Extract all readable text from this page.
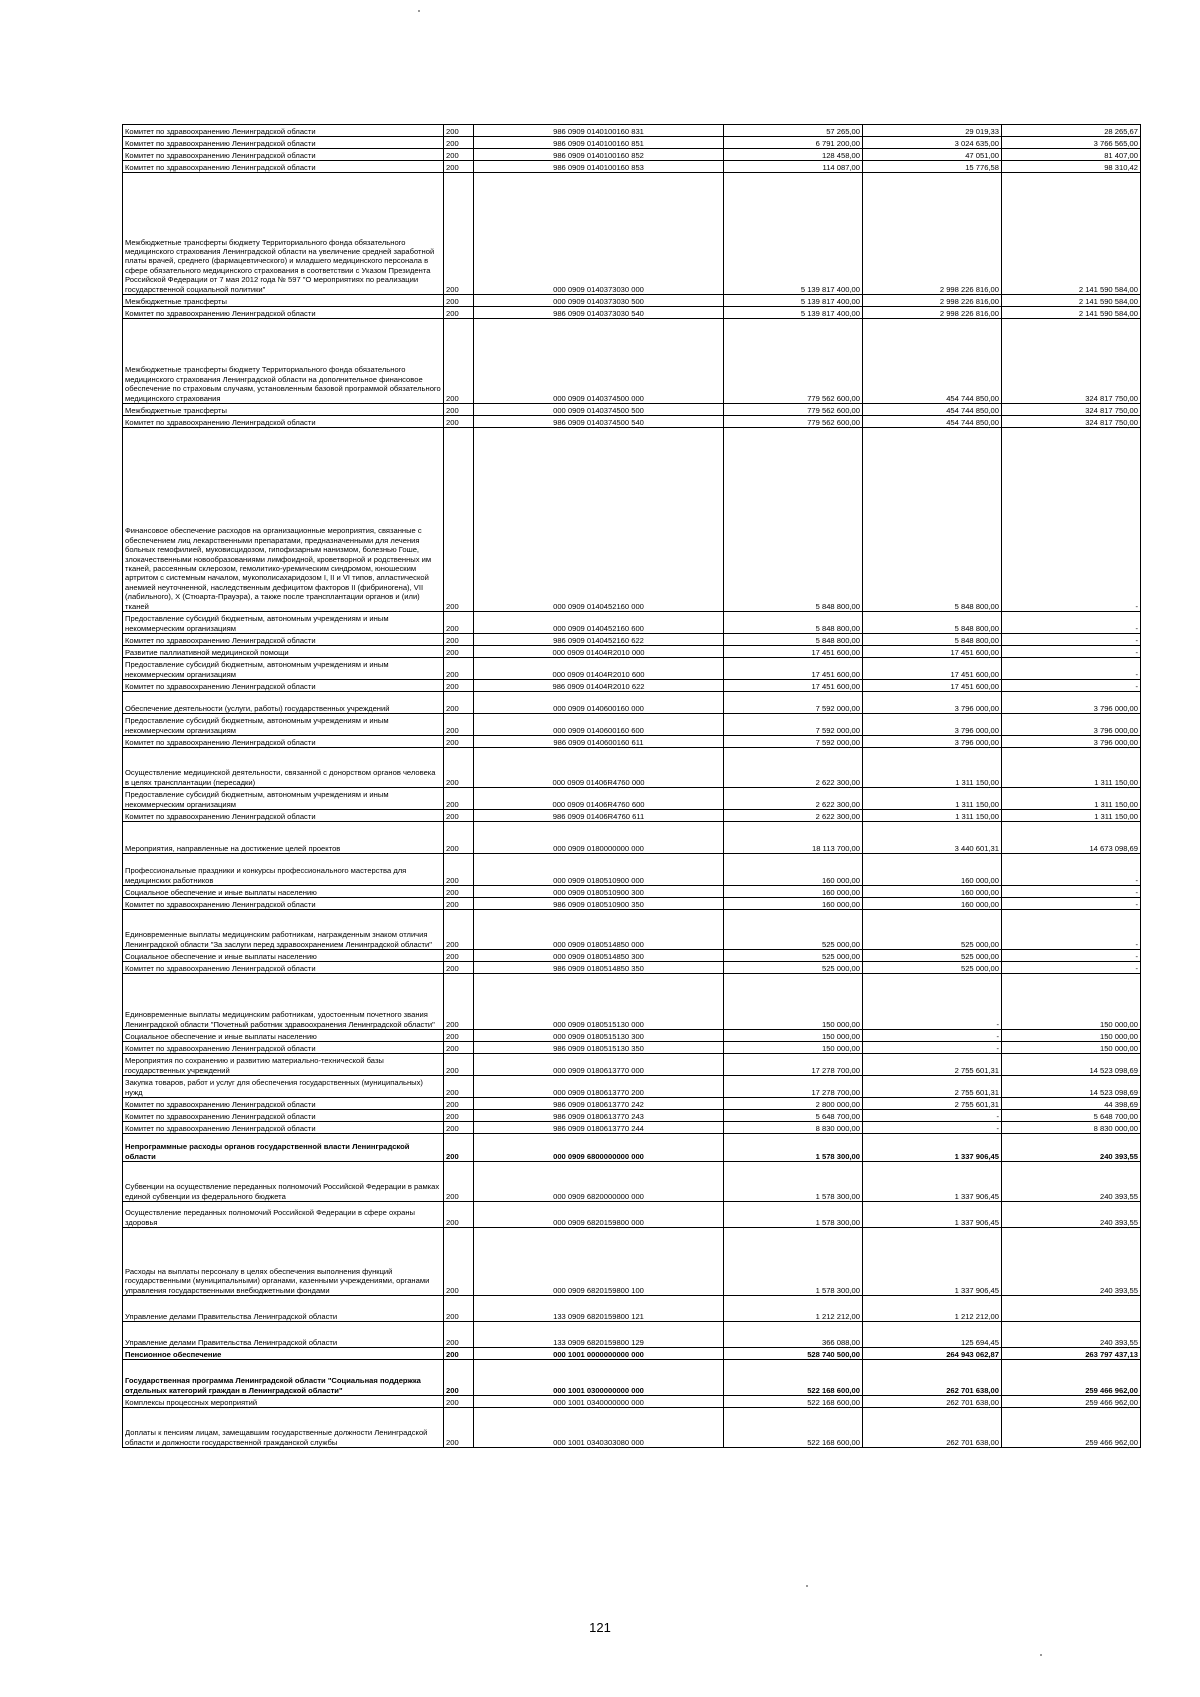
Комитет по здравоохранению Ленинградской области	200	986 0909 0140100160 831	57 265,00	29 019,33	28 265,67
Комитет по здравоохранению Ленинградской области	200	986 0909 0140100160 851	6 791 200,00	3 024 635,00	3 766 565,00
Комитет по здравоохранению Ленинградской области	200	986 0909 0140100160 852	128 458,00	47 051,00	81 407,00
Комитет по здравоохранению Ленинградской области	200	986 0909 0140100160 853	114 087,00	15 776,58	98 310,42
Межбюджетные трансферты бюджету Территориального фонда обязательного медицинского страхования Ленинградской области на увеличение средней заработной платы врачей, среднего (фармацевтического) и младшего медицинского персонала в сфере обязательного медицинского страхования в соответствии с Указом Президента Российской Федерации от 7 мая 2012 года № 597 "О мероприятиях по реализации государственной социальной политики"	200	000 0909 0140373030 000	5 139 817 400,00	2 998 226 816,00	2 141 590 584,00
Межбюджетные трансферты	200	000 0909 0140373030 500	5 139 817 400,00	2 998 226 816,00	2 141 590 584,00
Комитет по здравоохранению Ленинградской области	200	986 0909 0140373030 540	5 139 817 400,00	2 998 226 816,00	2 141 590 584,00
Межбюджетные трансферты бюджету Территориального фонда обязательного медицинского страхования Ленинградской области на дополнительное финансовое обеспечение по страховым случаям, установленным базовой программой обязательного медицинского страхования	200	000 0909 0140374500 000	779 562 600,00	454 744 850,00	324 817 750,00
Межбюджетные трансферты	200	000 0909 0140374500 500	779 562 600,00	454 744 850,00	324 817 750,00
Комитет по здравоохранению Ленинградской области	200	986 0909 0140374500 540	779 562 600,00	454 744 850,00	324 817 750,00
Финансовое обеспечение расходов на организационные мероприятия, связанные с обеспечением лиц лекарственными препаратами, предназначенными для лечения больных гемофилией, муковисцидозом, гипофизарным нанизмом, болезнью Гоше, злокачественными новообразованиями лимфоидной, кроветворной и родственных им тканей, рассеянным склерозом, гемолитико-уремическим синдромом, юношеским артритом с системным началом, мукополисахаридозом I, II и VI типов, апластической анемией неуточненной, наследственным дефицитом факторов II (фибриногена), VII (лабильного), X (Стюарта-Прауэра), а также после трансплантации органов и (или) тканей	200	000 0909 0140452160 000	5 848 800,00	5 848 800,00	-
Предоставление субсидий бюджетным, автономным учреждениям и иным некоммерческим организациям	200	000 0909 0140452160 600	5 848 800,00	5 848 800,00	-
Комитет по здравоохранению Ленинградской области	200	986 0909 0140452160 622	5 848 800,00	5 848 800,00	-
Развитие паллиативной медицинской помощи	200	000 0909 01404R2010 000	17 451 600,00	17 451 600,00	-
Предоставление субсидий бюджетным, автономным учреждениям и иным некоммерческим организациям	200	000 0909 01404R2010 600	17 451 600,00	17 451 600,00	-
Комитет по здравоохранению Ленинградской области	200	986 0909 01404R2010 622	17 451 600,00	17 451 600,00	-
Обеспечение деятельности (услуги, работы) государственных учреждений	200	000 0909 0140600160 000	7 592 000,00	3 796 000,00	3 796 000,00
Предоставление субсидий бюджетным, автономным учреждениям и иным некоммерческим организациям	200	000 0909 0140600160 600	7 592 000,00	3 796 000,00	3 796 000,00
Комитет по здравоохранению Ленинградской области	200	986 0909 0140600160 611	7 592 000,00	3 796 000,00	3 796 000,00
Осуществление медицинской деятельности, связанной с донорством органов человека в целях трансплантации (пересадки)	200	000 0909 01406R4760 000	2 622 300,00	1 311 150,00	1 311 150,00
Предоставление субсидий бюджетным, автономным учреждениям и иным некоммерческим организациям	200	000 0909 01406R4760 600	2 622 300,00	1 311 150,00	1 311 150,00
Комитет по здравоохранению Ленинградской области	200	986 0909 01406R4760 611	2 622 300,00	1 311 150,00	1 311 150,00
Мероприятия, направленные на достижение целей проектов	200	000 0909 0180000000 000	18 113 700,00	3 440 601,31	14 673 098,69
Профессиональные праздники и конкурсы профессионального мастерства для медицинских работников	200	000 0909 0180510900 000	160 000,00	160 000,00	-
Социальное обеспечение и иные выплаты населению	200	000 0909 0180510900 300	160 000,00	160 000,00	-
Комитет по здравоохранению Ленинградской области	200	986 0909 0180510900 350	160 000,00	160 000,00	-
Единовременные выплаты медицинским работникам, награжденным знаком отличия Ленинградской области "За заслуги перед здравоохранением Ленинградской области"	200	000 0909 0180514850 000	525 000,00	525 000,00	-
Социальное обеспечение и иные выплаты населению	200	000 0909 0180514850 300	525 000,00	525 000,00	-
Комитет по здравоохранению Ленинградской области	200	986 0909 0180514850 350	525 000,00	525 000,00	-
Единовременные выплаты медицинским работникам, удостоенным почетного звания Ленинградской области "Почетный работник здравоохранения Ленинградской области"	200	000 0909 0180515130 000	150 000,00	-	150 000,00
Социальное обеспечение и иные выплаты населению	200	000 0909 0180515130 300	150 000,00	-	150 000,00
Комитет по здравоохранению Ленинградской области	200	986 0909 0180515130 350	150 000,00	-	150 000,00
Мероприятия по сохранению и развитию материально-технической базы государственных учреждений	200	000 0909 0180613770 000	17 278 700,00	2 755 601,31	14 523 098,69
Закупка товаров, работ и услуг для обеспечения государственных (муниципальных) нужд	200	000 0909 0180613770 200	17 278 700,00	2 755 601,31	14 523 098,69
Комитет по здравоохранению Ленинградской области	200	986 0909 0180613770 242	2 800 000,00	2 755 601,31	44 398,69
Комитет по здравоохранению Ленинградской области	200	986 0909 0180613770 243	5 648 700,00	-	5 648 700,00
Комитет по здравоохранению Ленинградской области	200	986 0909 0180613770 244	8 830 000,00	-	8 830 000,00
Непрограммные расходы органов государственной власти Ленинградской области	200	000 0909 6800000000 000	1 578 300,00	1 337 906,45	240 393,55
Субвенции на осуществление переданных полномочий Российской Федерации в рамках единой субвенции из федерального бюджета	200	000 0909 6820000000 000	1 578 300,00	1 337 906,45	240 393,55
Осуществление переданных полномочий Российской Федерации в сфере охраны здоровья	200	000 0909 6820159800 000	1 578 300,00	1 337 906,45	240 393,55
Расходы на выплаты персоналу в целях обеспечения выполнения функций государственными (муниципальными) органами, казенными учреждениями, органами управления государственными внебюджетными фондами	200	000 0909 6820159800 100	1 578 300,00	1 337 906,45	240 393,55
Управление делами Правительства Ленинградской области	200	133 0909 6820159800 121	1 212 212,00	1 212 212,00	
Управление делами Правительства Ленинградской области	200	133 0909 6820159800 129	366 088,00	125 694,45	240 393,55
Пенсионное обеспечение	200	000 1001 0000000000 000	528 740 500,00	264 943 062,87	263 797 437,13
Государственная программа Ленинградской области "Социальная поддержка отдельных категорий граждан в Ленинградской области"	200	000 1001 0300000000 000	522 168 600,00	262 701 638,00	259 466 962,00
Комплексы процессных мероприятий	200	000 1001 0340000000 000	522 168 600,00	262 701 638,00	259 466 962,00
Доплаты к пенсиям лицам, замещавшим государственные должности Ленинградской области и должности государственной гражданской службы	200	000 1001 0340303080 000	522 168 600,00	262 701 638,00	259 466 962,00
121
